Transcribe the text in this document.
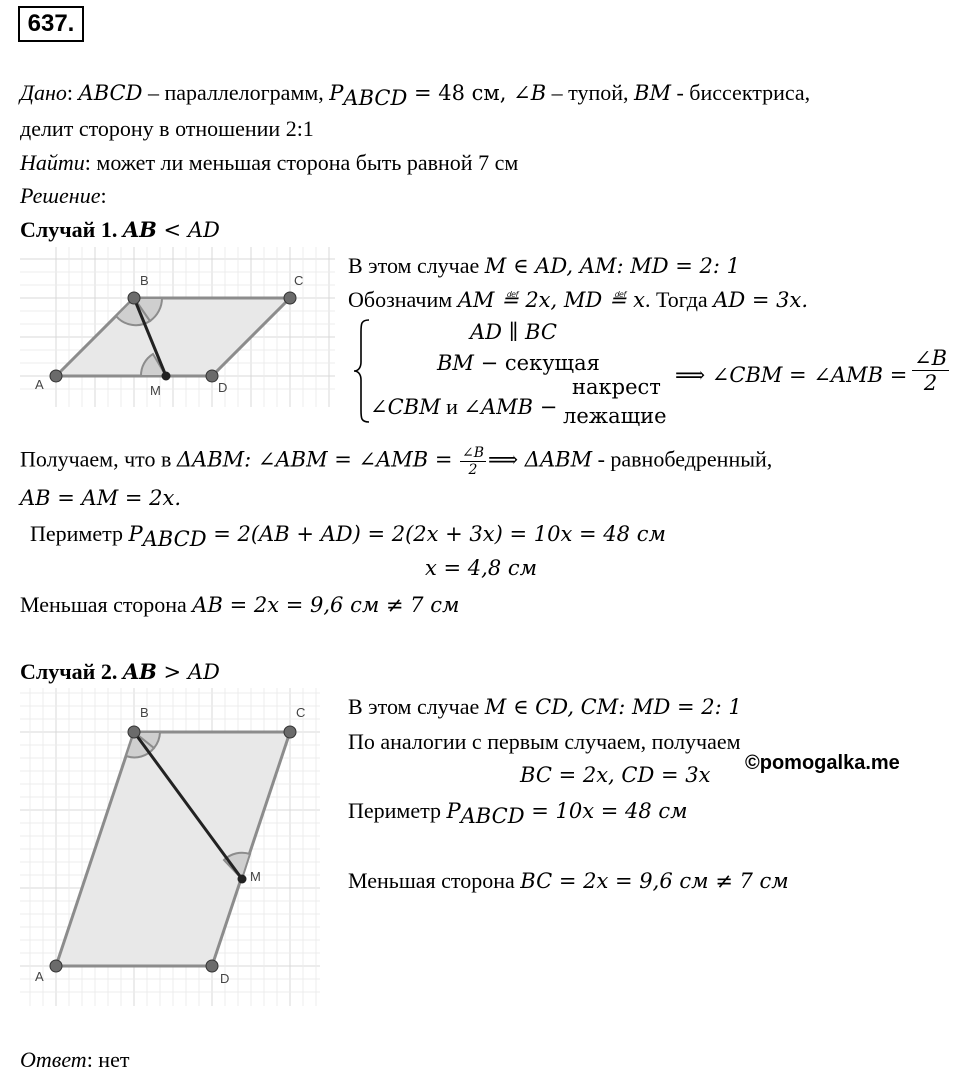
637.
Дано: ABCD – параллелограмм, $P_{ABCD} = 48$ см, ∠B – тупой, BM - биссектриса,
делит сторону в отношении 2:1
Найти: может ли меньшая сторона быть равной 7 см
Решение:
Случай 1. AB < AD
A
B	C
D
M
В этом случае M ∈ AD, AM: MD = 2: 1
Обозначим AM ≝ 2x, MD ≝ x. Тогда AD = 3x.
AD ∥ BC
BM − секущая
∠CBM и ∠AMB −
накрест
лежащие
⟹ ∠CBM = ∠AMB = $\frac{\angle B}{2}$
Получаем, что в ΔABM: ∠ABM = ∠AMB = $\frac{\angle B}{2}$ ⟹ ΔABM - равнобедренный,
AB = AM = 2x.
Периметр $P_{ABCD} = 2(AB + AD) = 2(2x + 3x) = 10x = 48$ см
x = 4,8 см
Меньшая сторона AB = 2x = 9,6 см ≠ 7 см
Случай 2. AB > AD
A
B	C
D
M
В этом случае M ∈ CD, CM: MD = 2: 1
По аналогии с первым случаем, получаем
BC = 2x, CD = 3x ©pomogalka.me
Периметр $P_{ABCD} = 10x = 48$ см
Меньшая сторона BC = 2x = 9,6 см ≠ 7 см
Ответ: нет
